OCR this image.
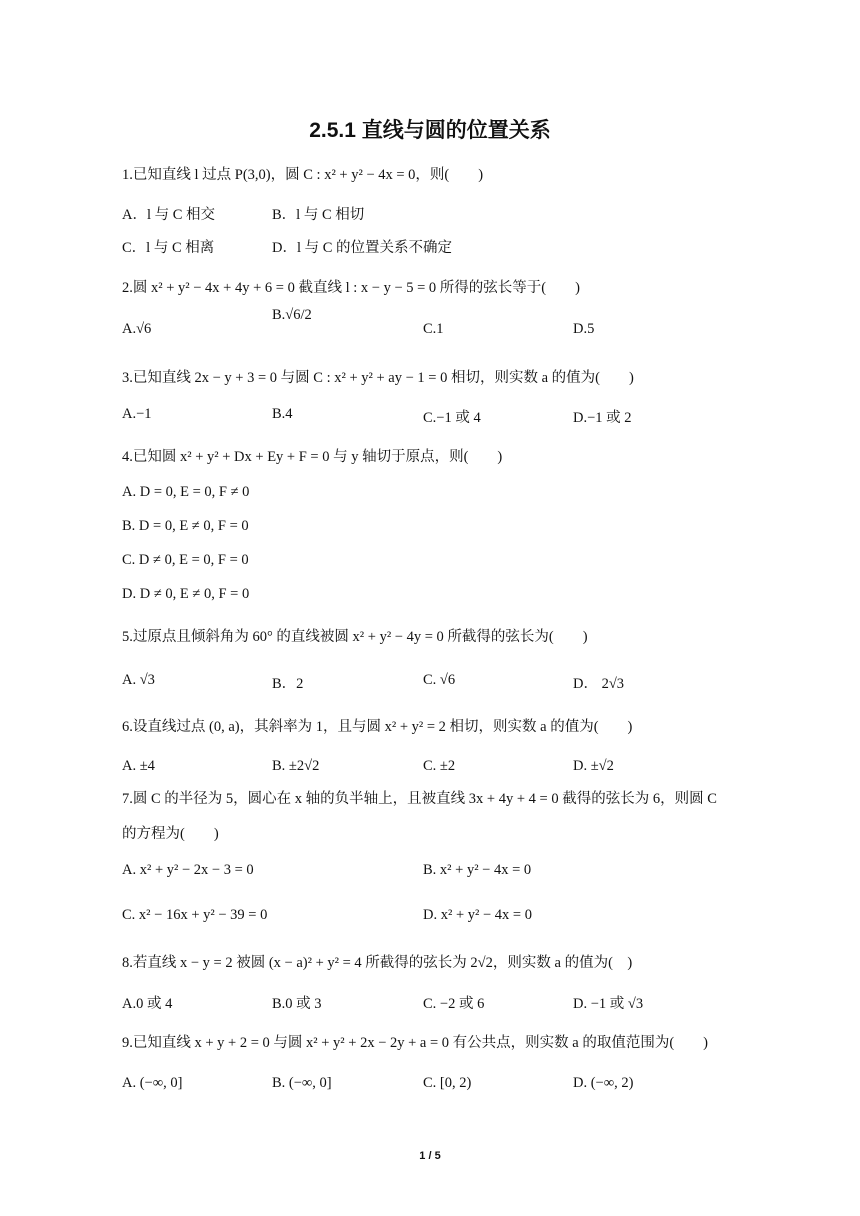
2.5.1 直线与圆的位置关系
1.已知直线 l 过点 P(3,0)，圆 C : x² + y² − 4x = 0，则(　　)
A．l 与 C 相交	B．l 与 C 相切
C．l 与 C 相离	D．l 与 C 的位置关系不确定
2.圆 x² + y² − 4x + 4y + 6 = 0 截直线 l : x − y − 5 = 0 所得的弦长等于(　　)
A.√6
B.√6/2
C.1	D.5
3.已知直线 2x − y + 3 = 0 与圆 C : x² + y² + ay − 1 = 0 相切，则实数 a 的值为(　　)
A.−1	B.4	C.−1 或 4	D.−1 或 2
4.已知圆 x² + y² + Dx + Ey + F = 0 与 y 轴切于原点，则(　　)
A. D = 0, E = 0, F ≠ 0
B. D = 0, E ≠ 0, F = 0
C. D ≠ 0, E = 0, F = 0
D. D ≠ 0, E ≠ 0, F = 0
5.过原点且倾斜角为 60° 的直线被圆 x² + y² − 4y = 0 所截得的弦长为(　　)
A. √3	B．2	C. √6	D． 2√3
6.设直线过点 (0, a)，其斜率为 1，且与圆 x² + y² = 2 相切，则实数 a 的值为(　　)
A. ±4	B. ±2√2	C. ±2	D. ±√2
7.圆 C 的半径为 5，圆心在 x 轴的负半轴上，且被直线 3x + 4y + 4 = 0 截得的弦长为 6，则圆 C
的方程为(　　)
A. x² + y² − 2x − 3 = 0	B. x² + y² − 4x = 0
C. x² − 16x + y² − 39 = 0	D. x² + y² − 4x = 0
8.若直线 x − y = 2 被圆 (x − a)² + y² = 4 所截得的弦长为 2√2，则实数 a 的值为(　)
A.0 或 4	B.0 或 3	C. −2 或 6	D. −1 或 √3
9.已知直线 x + y + 2 = 0 与圆 x² + y² + 2x − 2y + a = 0 有公共点，则实数 a 的取值范围为(　　)
A. (−∞, 0]	B. (−∞, 0]	C. [0, 2)	D. (−∞, 2)
1 / 5
